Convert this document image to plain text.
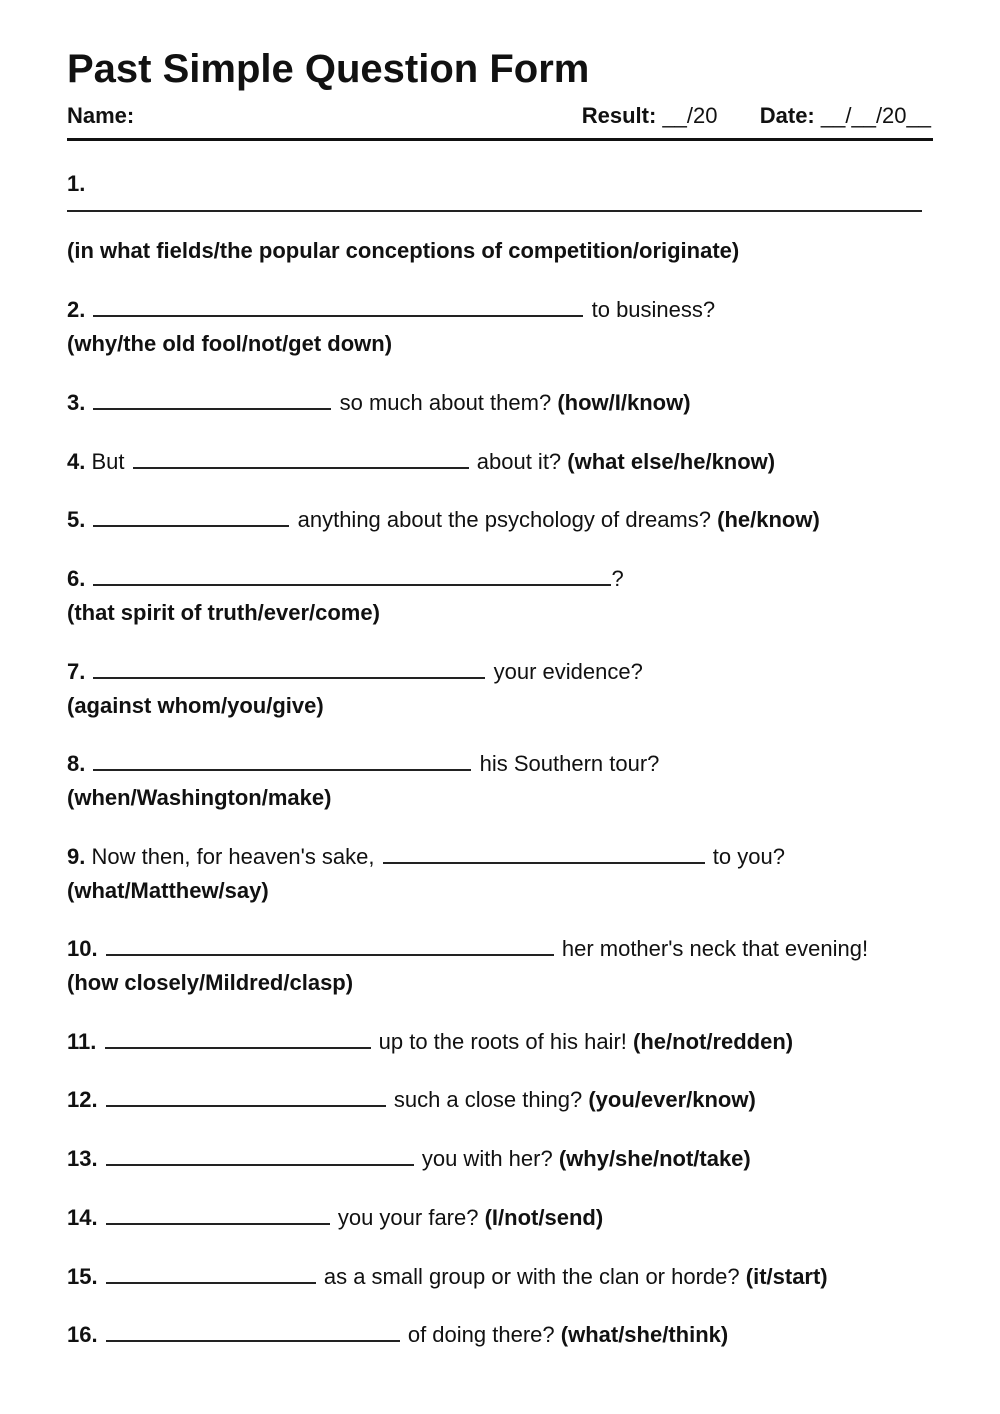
Past Simple Question Form
Name:	Result: __/20 Date: __/__/20__
1.
(in what fields/the popular conceptions of competition/originate)
2.	to business?
(why/the old fool/not/get down)
3.	so much about them? (how/I/know)
4. But	about it? (what else/he/know)
5.	anything about the psychology of dreams? (he/know)
6.	?
(that spirit of truth/ever/come)
7.	your evidence?
(against whom/you/give)
8.	his Southern tour?
(when/Washington/make)
9. Now then, for heaven's sake,	to you?
(what/Matthew/say)
10.	her mother's neck that evening!
(how closely/Mildred/clasp)
11.	up to the roots of his hair! (he/not/redden)
12.	such a close thing? (you/ever/know)
13.	you with her? (why/she/not/take)
14.	you your fare? (I/not/send)
15.	as a small group or with the clan or horde? (it/start)
16.	of doing there? (what/she/think)
